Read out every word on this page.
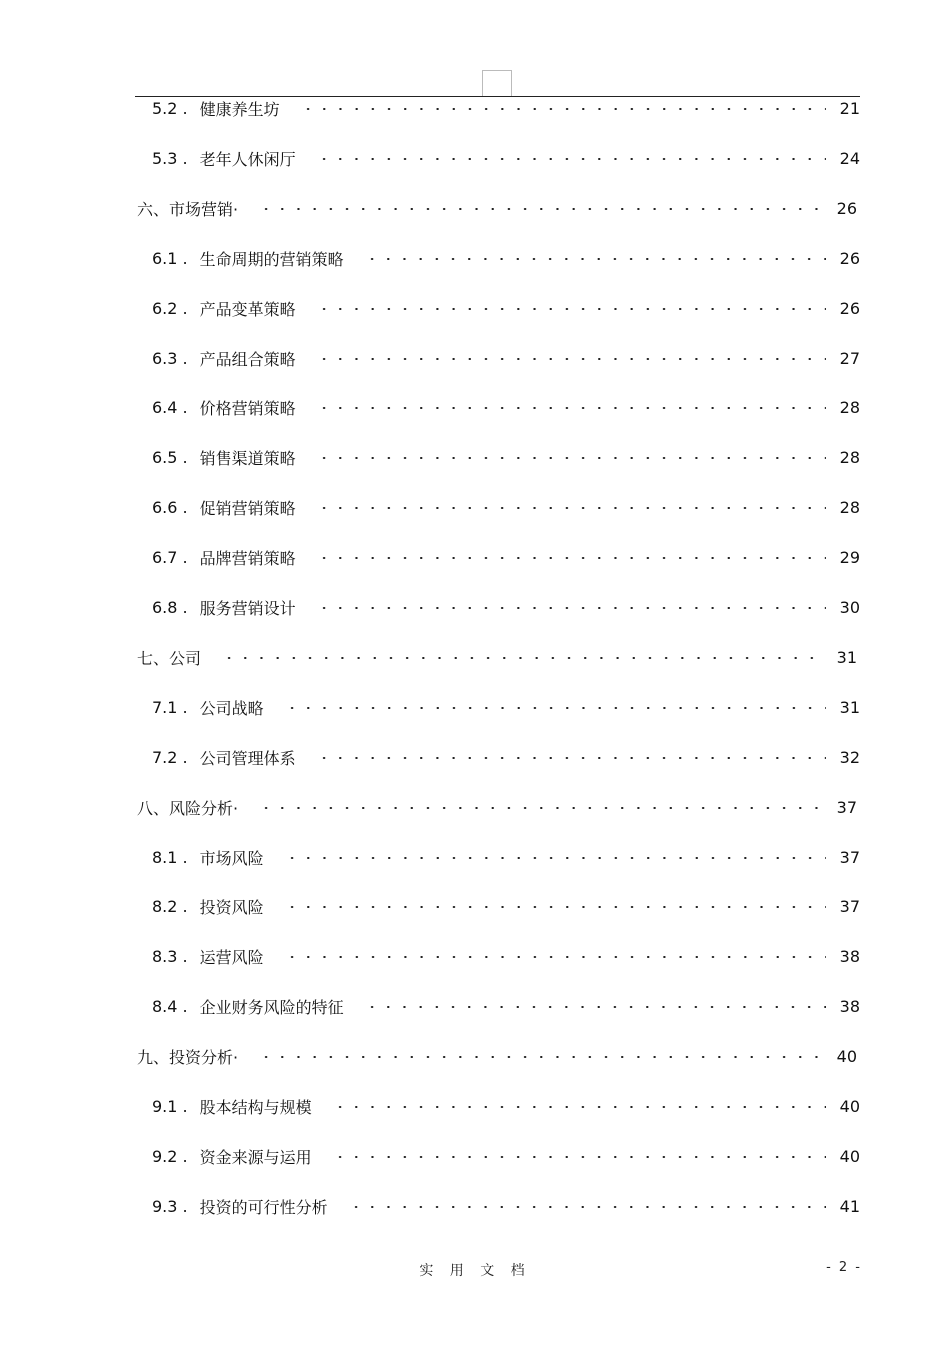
5.2 . 健康养生坊	21
5.3 . 老年人休闲厅	24
六、市场营销·	26
6.1 . 生命周期的营销策略	26
6.2 . 产品变革策略	26
6.3 . 产品组合策略	27
6.4 . 价格营销策略	28
6.5 . 销售渠道策略	28
6.6 . 促销营销策略	28
6.7 . 品牌营销策略	29
6.8 . 服务营销设计	30
七、公司	31
7.1 . 公司战略	31
7.2 . 公司管理体系	32
八、风险分析·	37
8.1 . 市场风险	37
8.2 . 投资风险	37
8.3 . 运营风险	38
8.4 . 企业财务风险的特征	38
九、投资分析·	40
9.1 . 股本结构与规模	40
9.2 . 资金来源与运用	40
9.3 . 投资的可行性分析	41
实 用 文 档	- 2 -
